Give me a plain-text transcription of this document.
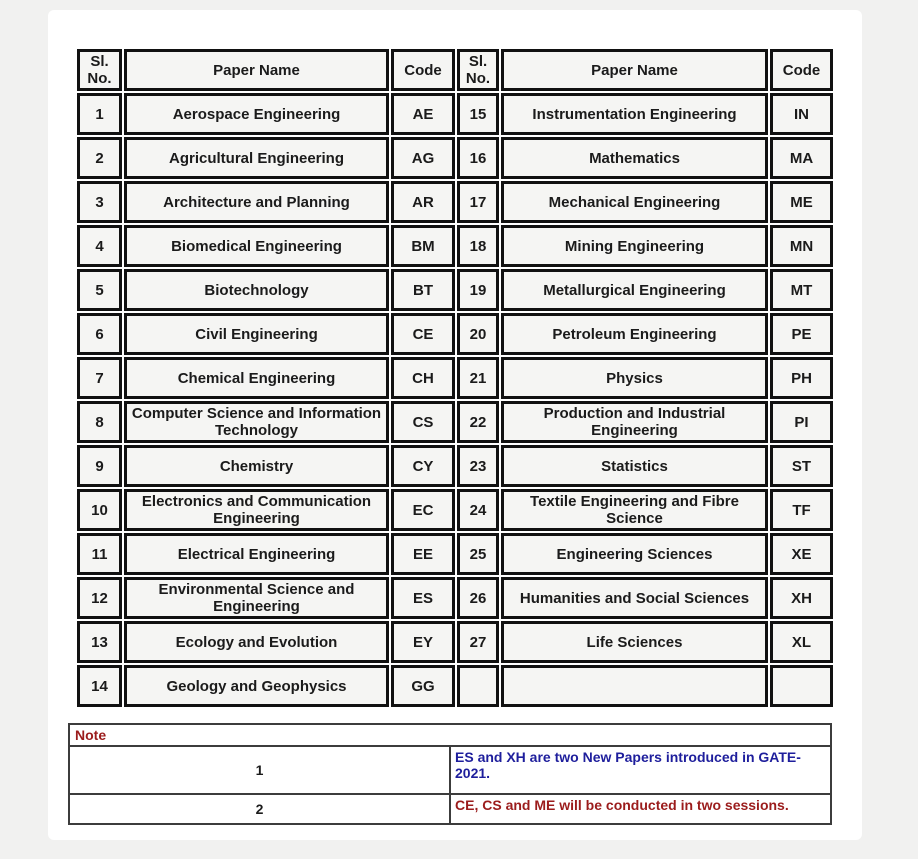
Sl. No.	Paper Name	Code	Sl. No.	Paper Name	Code
1	Aerospace Engineering	AE	15	Instrumentation Engineering	IN
2	Agricultural Engineering	AG	16	Mathematics	MA
3	Architecture and Planning	AR	17	Mechanical Engineering	ME
4	Biomedical Engineering	BM	18	Mining Engineering	MN
5	Biotechnology	BT	19	Metallurgical Engineering	MT
6	Civil Engineering	CE	20	Petroleum Engineering	PE
7	Chemical Engineering	CH	21	Physics	PH
8	Computer Science and Information Technology	CS	22	Production and Industrial Engineering	PI
9	Chemistry	CY	23	Statistics	ST
10	Electronics and Communication Engineering	EC	24	Textile Engineering and Fibre Science	TF
11	Electrical Engineering	EE	25	Engineering Sciences	XE
12	Environmental Science and Engineering	ES	26	Humanities and Social Sciences	XH
13	Ecology and Evolution	EY	27	Life Sciences	XL
14	Geology and Geophysics	GG			
Note	
1	ES and XH are two New Papers introduced in GATE-2021.
2	CE, CS and ME will be conducted in two sessions.
